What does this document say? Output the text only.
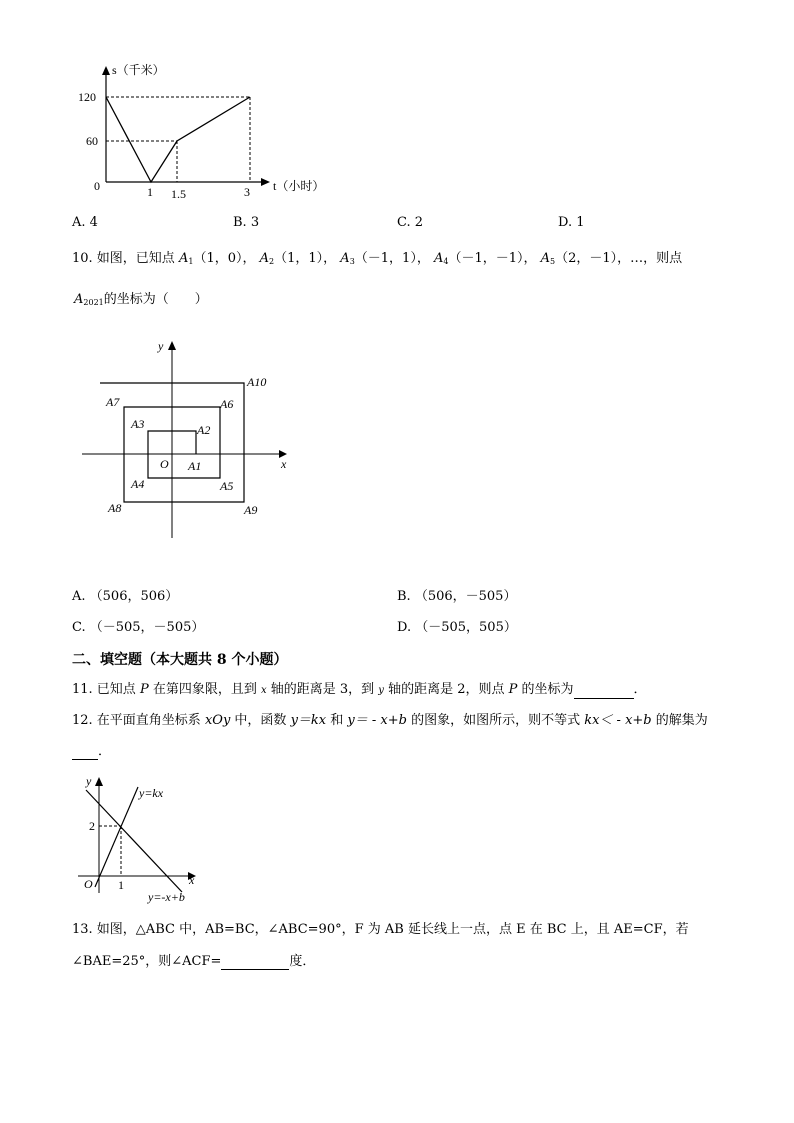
s（千米）
120
60
0	1 1.5	3 t（小时）
A. 4	B. 3	C. 2	D. 1
10. 如图，已知点 $A_1(1$，0）， $A_2(1$，1）， $A_3(-1$，1）， $A_4(-1$，－1）， $A_5(2$，－1），…，则点
$A_{2021}$的坐标为（　　）
y
x
O A1
A2
A3
A4	A5
A6
A7
A8	A9
A10
A. （506，506）	B. （506，－505）
C. （－505，－505）	D. （－505，505）
二、填空题（本大题共 8 个小题）
11. 已知点 P 在第四象限，且到 x 轴的距离是 3，到 y 轴的距离是 2，则点 P 的坐标为	．
12. 在平面直角坐标系 xOy 中，函数 y＝kx 和 y＝ - x+b 的图象，如图所示，则不等式 kx＜ - x+b 的解集为
．
y
x
O
2
1
y=kx
y=-x+b
13. 如图，△ABC 中，AB=BC，∠ABC=90°，F 为 AB 延长线上一点，点 E 在 BC 上，且 AE=CF，若
∠BAE=25°，则∠ACF=	度．
